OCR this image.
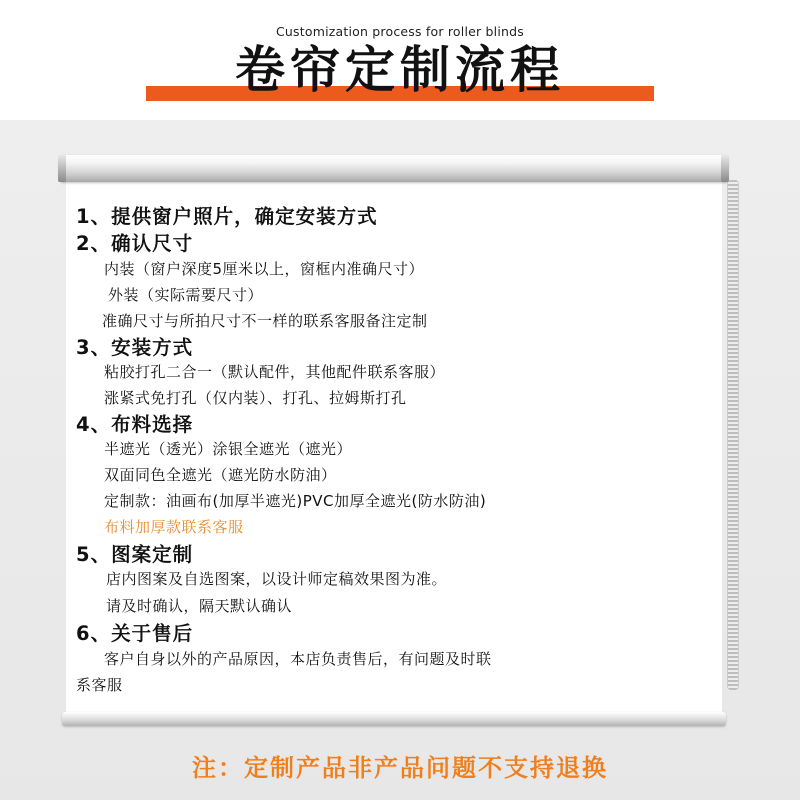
Customization process for roller blinds
卷帘定制流程
1、提供窗户照片，确定安装方式
2、确认尺寸
内装（窗户深度5厘米以上，窗框内准确尺寸）
外装（实际需要尺寸）
准确尺寸与所拍尺寸不一样的联系客服备注定制
3、安装方式
粘胶打孔二合一（默认配件，其他配件联系客服）
涨紧式免打孔（仅内装）、打孔、拉姆斯打孔
4、布料选择
半遮光（透光）涂银全遮光（遮光）
双面同色全遮光（遮光防水防油）
定制款：油画布(加厚半遮光)PVC加厚全遮光(防水防油)
布料加厚款联系客服
5、图案定制
店内图案及自选图案，以设计师定稿效果图为准。
请及时确认，隔天默认确认
6、关于售后
客户自身以外的产品原因，本店负责售后，有问题及时联
系客服
注：定制产品非产品问题不支持退换
